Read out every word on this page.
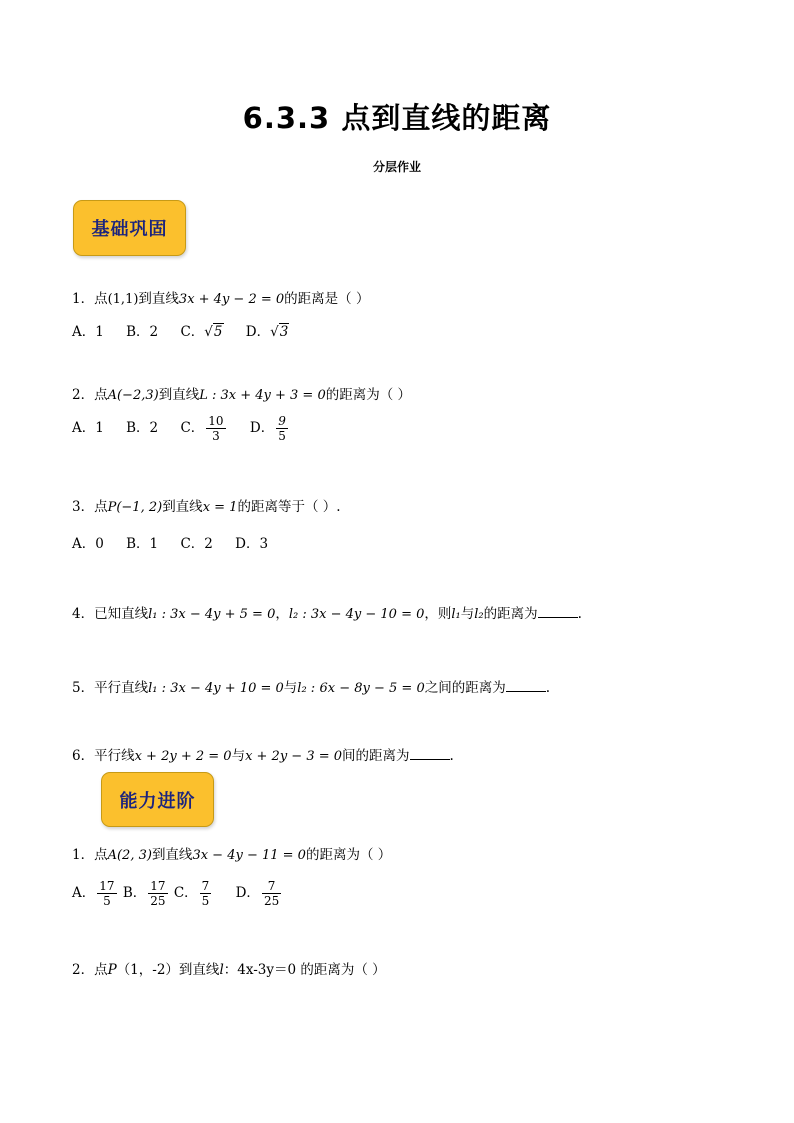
6.3.3 点到直线的距离
分层作业
基础巩固
1．点(1,1)到直线3x + 4y − 2 = 0的距离是（ ）
A．1 B．2 C．√5 D．√3
2．点A(−2,3)到直线L : 3x + 4y + 3 = 0的距离为（ ）
A．1 B．2 C． $\frac{10}{3}$ D． $\frac{9}{5}$
3．点P(−1, 2)到直线x = 1的距离等于（ ）.
A．0 B．1 C．2 D．3
4．已知直线l₁ : 3x − 4y + 5 = 0，l₂ : 3x − 4y − 10 = 0，则l₁与l₂的距离为	.
5．平行直线l₁ : 3x − 4y + 10 = 0与l₂ : 6x − 8y − 5 = 0之间的距离为	.
6．平行线x + 2y + 2 = 0与x + 2y − 3 = 0间的距离为	.
能力进阶
1．点A(2, 3)到直线3x − 4y − 11 = 0的距离为（ ）
A． $\frac{17}{5}$ B． $\frac{17}{25}$ C． $\frac{7}{5}$ D． $\frac{7}{25}$
2．点P（1，-2）到直线l：4x-3y＝0 的距离为（ ）
